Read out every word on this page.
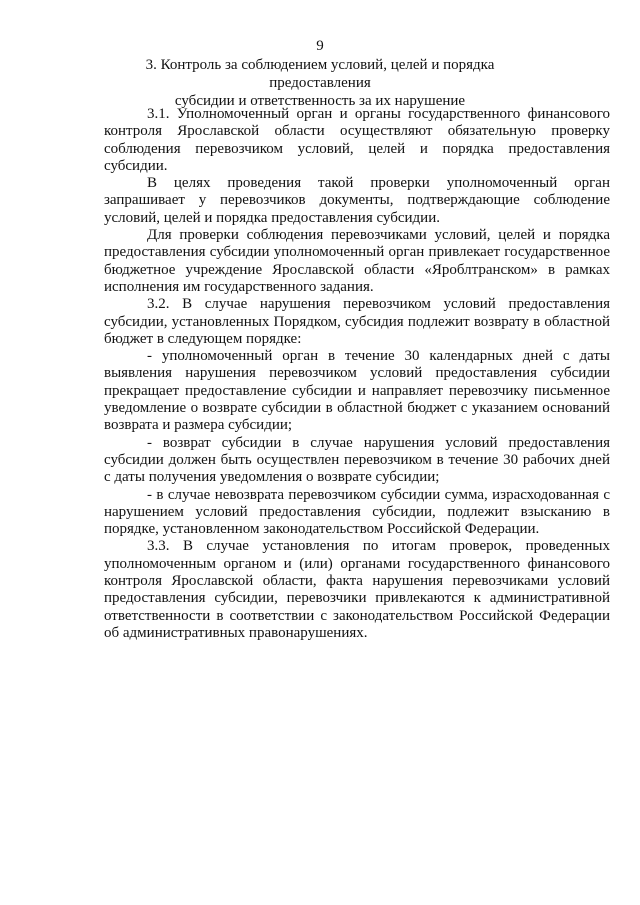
9
3. Контроль за соблюдением условий, целей и порядка предоставления
субсидии и ответственность за их нарушение

3.1. Уполномоченный орган и органы государственного финансового контроля Ярославской области осуществляют обязательную проверку соблюдения перевозчиком условий, целей и порядка предоставления субсидии.

В целях проведения такой проверки уполномоченный орган запрашивает у перевозчиков документы, подтверждающие соблюдение условий, целей и порядка предоставления субсидии.

Для проверки соблюдения перевозчиками условий, целей и порядка предоставления субсидии уполномоченный орган привлекает государственное бюджетное учреждение Ярославской области «Яроблтранском» в рамках исполнения им государственного задания.

3.2. В случае нарушения перевозчиком условий предоставления субсидии, установленных Порядком, субсидия подлежит возврату в областной бюджет в следующем порядке:

- уполномоченный орган в течение 30 календарных дней с даты выявления нарушения перевозчиком условий предоставления субсидии прекращает предоставление субсидии и направляет перевозчику письменное уведомление о возврате субсидии в областной бюджет с указанием оснований возврата и размера субсидии;

- возврат субсидии в случае нарушения условий предоставления субсидии должен быть осуществлен перевозчиком в течение 30 рабочих дней с даты получения уведомления о возврате субсидии;

- в случае невозврата перевозчиком субсидии сумма, израсходованная с нарушением условий предоставления субсидии, подлежит взысканию в порядке, установленном законодательством Российской Федерации.

3.3. В случае установления по итогам проверок, проведенных уполномоченным органом и (или) органами государственного финансового контроля Ярославской области, факта нарушения перевозчиками условий предоставления субсидии, перевозчики привлекаются к административной ответственности в соответствии с законодательством Российской Федерации об административных правонарушениях.
